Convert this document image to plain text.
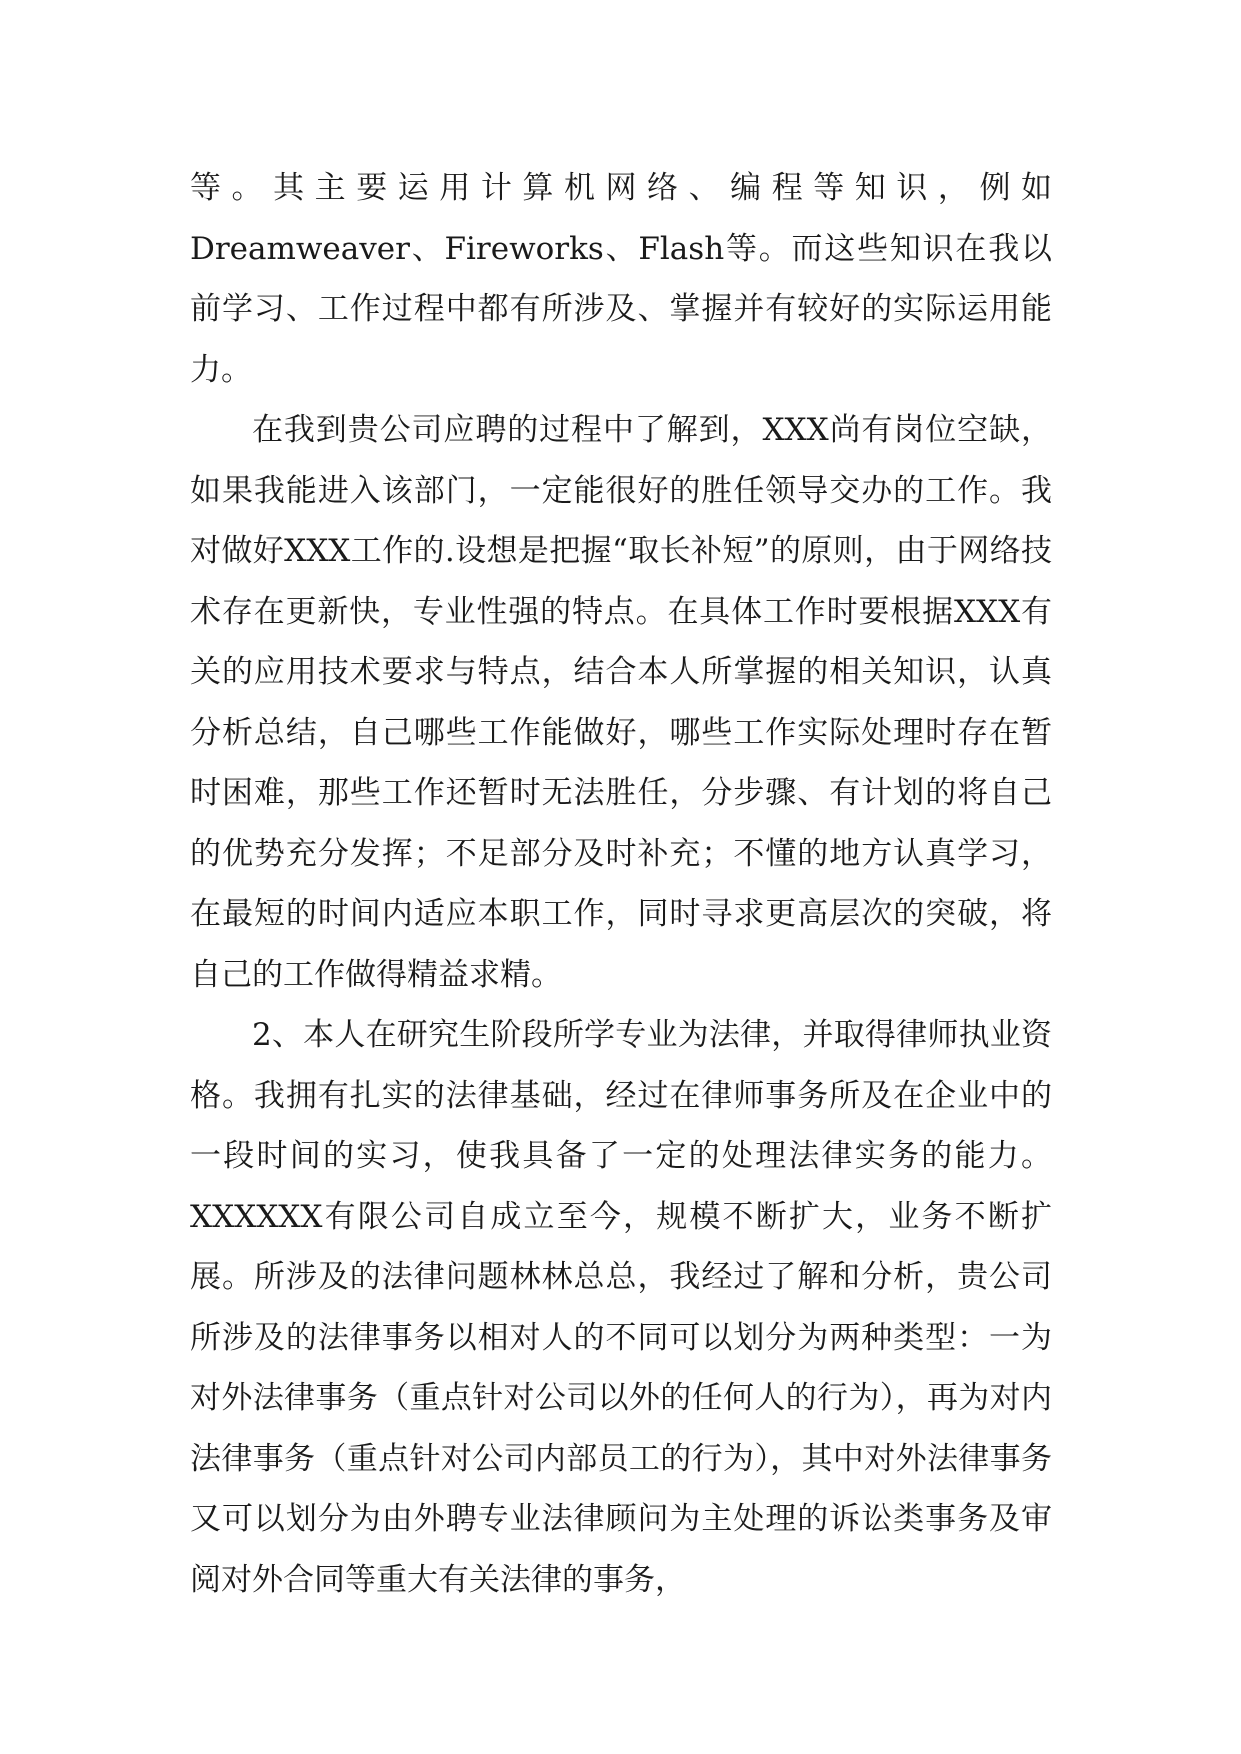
等。其主要运用计算机网络、编程等知识，例如Dreamweaver、Fireworks、Flash等。而这些知识在我以前学习、工作过程中都有所涉及、掌握并有较好的实际运用能力。

在我到贵公司应聘的过程中了解到，XXX尚有岗位空缺，如果我能进入该部门，一定能很好的胜任领导交办的工作。我对做好XXX工作的.设想是把握“取长补短”的原则，由于网络技术存在更新快，专业性强的特点。在具体工作时要根据XXX有关的应用技术要求与特点，结合本人所掌握的相关知识，认真分析总结，自己哪些工作能做好，哪些工作实际处理时存在暂时困难，那些工作还暂时无法胜任，分步骤、有计划的将自己的优势充分发挥；不足部分及时补充；不懂的地方认真学习，在最短的时间内适应本职工作，同时寻求更高层次的突破，将自己的工作做得精益求精。

2、本人在研究生阶段所学专业为法律，并取得律师执业资格。我拥有扎实的法律基础，经过在律师事务所及在企业中的一段时间的实习，使我具备了一定的处理法律实务的能力。XXXXXX有限公司自成立至今，规模不断扩大，业务不断扩展。所涉及的法律问题林林总总，我经过了解和分析，贵公司所涉及的法律事务以相对人的不同可以划分为两种类型：一为对外法律事务（重点针对公司以外的任何人的行为），再为对内法律事务（重点针对公司内部员工的行为），其中对外法律事务又可以划分为由外聘专业法律顾问为主处理的诉讼类事务及审阅对外合同等重大有关法律的事务，
